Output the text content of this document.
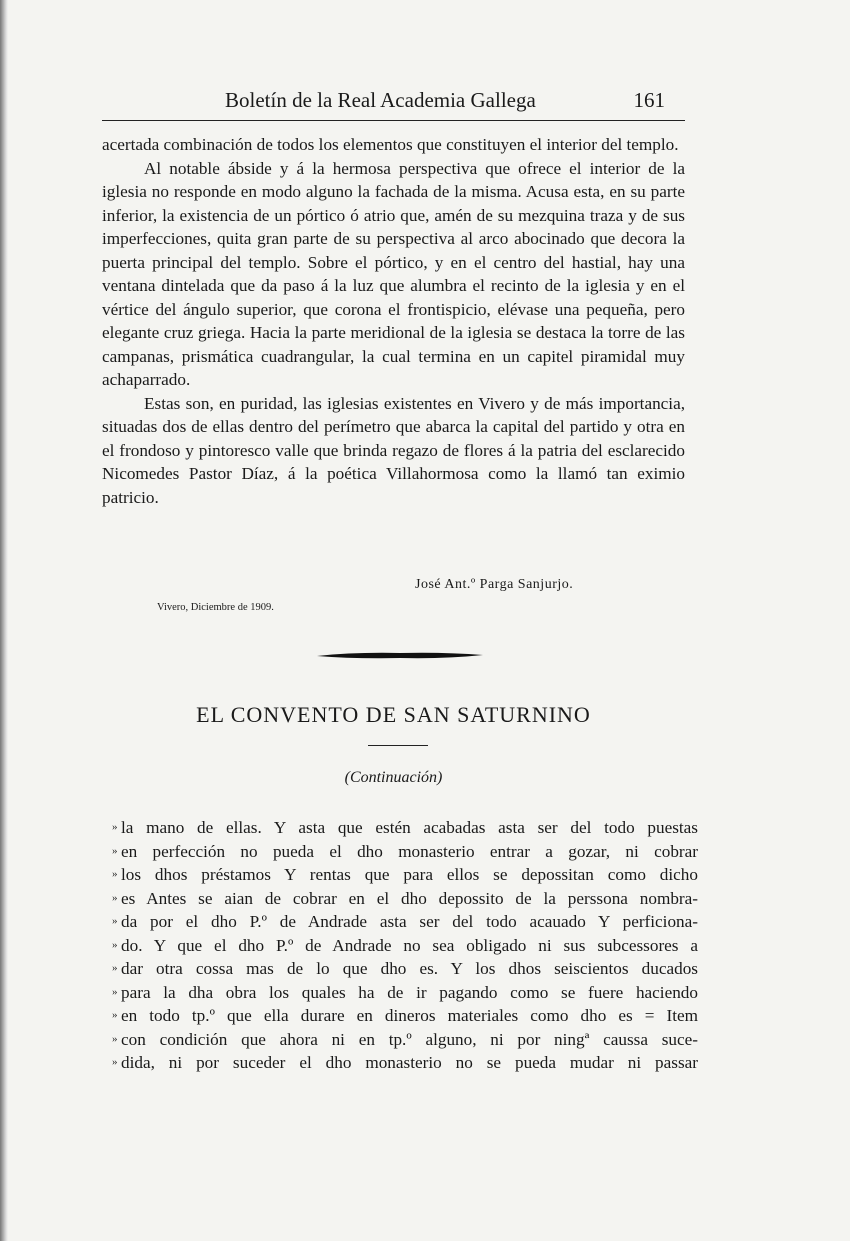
Boletín de la Real Academia Gallega	161

acertada combinación de todos los elementos que constituyen el interior del templo.

Al notable ábside y á la hermosa perspectiva que ofrece el interior de la iglesia no responde en modo alguno la fachada de la misma. Acusa esta, en su parte inferior, la existencia de un pórtico ó atrio que, amén de su mezquina traza y de sus imperfecciones, quita gran parte de su perspectiva al arco abocinado que decora la puerta principal del templo. Sobre el pórtico, y en el centro del hastial, hay una ventana dintelada que da paso á la luz que alumbra el recinto de la iglesia y en el vértice del ángulo superior, que corona el frontispicio, elévase una pequeña, pero elegante cruz griega. Hacia la parte meridional de la iglesia se destaca la torre de las campanas, prismática cuadrangular, la cual termina en un capitel piramidal muy achaparrado.

Estas son, en puridad, las iglesias existentes en Vivero y de más importancia, situadas dos de ellas dentro del perímetro que abarca la capital del partido y otra en el frondoso y pintoresco valle que brinda regazo de flores á la patria del esclarecido Nicomedes Pastor Díaz, á la poética Villahormosa como la llamó tan eximio patricio.

José Ant.º Parga Sanjurjo.
Vivero, Diciembre de 1909.
EL CONVENTO DE SAN SATURNINO
(Continuación)
» la mano de ellas. Y asta que estén acabadas asta ser del todo puestas
» en perfección no pueda el dho monasterio entrar a gozar, ni cobrar
» los dhos préstamos Y rentas que para ellos se depossitan como dicho
» es Antes se aian de cobrar en el dho depossito de la perssona nombra-
» da por el dho P.º de Andrade asta ser del todo acauado Y perficiona-
» do. Y que el dho P.º de Andrade no sea obligado ni sus subcessores a
» dar otra cossa mas de lo que dho es. Y los dhos seiscientos ducados
» para la dha obra los quales ha de ir pagando como se fuere haciendo
» en todo tp.º que ella durare en dineros materiales como dho es = Item
» con condición que ahora ni en tp.º alguno, ni por ningª caussa suce-
» dida, ni por suceder el dho monasterio no se pueda mudar ni passar
